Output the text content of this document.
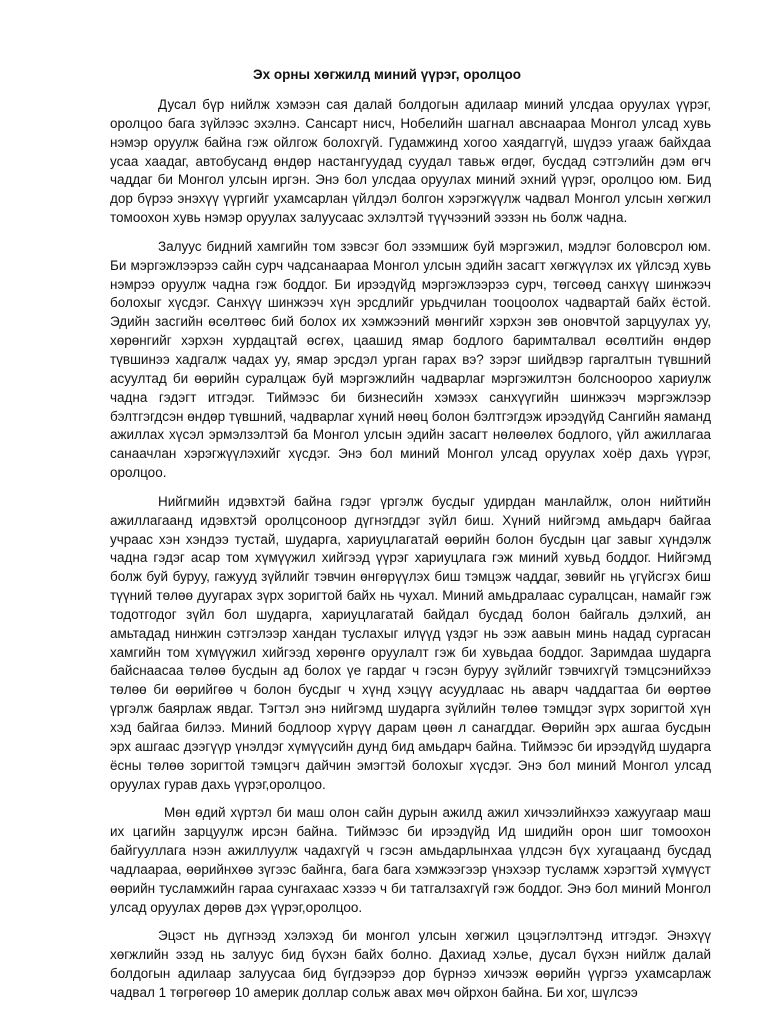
Эх орны хөгжилд миний үүрэг, оролцоо

Дусал бүр нийлж хэмээн сая далай болдогын адилаар миний улсдаа оруулах үүрэг, оролцоо бага зүйлээс эхэлнэ. Сансарт нисч, Нобелийн шагнал авснаараа Монгол улсад хувь нэмэр оруулж байна гэж ойлгож болохгүй. Гудамжинд хогоо хаядаггүй, шүдээ угааж байхдаа усаа хаадаг, автобусанд өндөр настангуудад суудал тавьж өгдөг, бусдад сэтгэлийн дэм өгч чаддаг би Монгол улсын иргэн. Энэ бол улсдаа оруулах миний эхний үүрэг, оролцоо юм. Бид дор бүрээ энэхүү үүргийг ухамсарлан үйлдэл болгон хэрэгжүүлж чадвал Монгол улсын хөгжил томоохон хувь нэмэр оруулах залуусаас эхлэлтэй түүчээний ээзэн нь болж чадна.

Залуус бидний хамгийн том зэвсэг бол эзэмшиж буй мэргэжил, мэдлэг боловсрол юм. Би мэргэжлээрээ сайн сурч чадсанаараа Монгол улсын эдийн засагт хөгжүүлэх их үйлсэд хувь нэмрээ оруулж чадна гэж боддог. Би ирээдүйд мэргэжлээрээ сурч, төгсөөд санхүү шинжээч болохыг хүсдэг. Санхүү шинжээч хүн эрсдлийг урьдчилан тооцоолох чадвартай байх ёстой. Эдийн засгийн өсөлтөөс бий болох их хэмжээний мөнгийг хэрхэн зөв оновчтой зарцуулах уу, хөрөнгийг хэрхэн хурдацтай өсгөх, цаашид ямар бодлого баримталвал өсөлтийн өндөр түвшинээ хадгалж чадах уу, ямар эрсдэл урган гарах вэ? зэрэг шийдвэр гаргалтын түвшний асуултад би өөрийн суралцаж буй мэргэжлийн чадварлаг мэргэжилтэн болсноороо хариулж чадна гэдэгт итгэдэг. Тиймээс би бизнесийн хэмээх санхүүгийн шинжээч мэргэжлээр бэлтгэгдсэн өндөр түвшний, чадварлаг хүний нөөц болон бэлтгэгдэж ирээдүйд Сангийн яаманд ажиллах хүсэл эрмэлзэлтэй ба Монгол улсын эдийн засагт нөлөөлөх бодлого, үйл ажиллагаа санаачлан хэрэгжүүлэхийг хүсдэг. Энэ бол миний Монгол улсад оруулах хоёр дахь үүрэг, оролцоо.

Нийгмийн идэвхтэй байна гэдэг үргэлж бусдыг удирдан манлайлж, олон нийтийн ажиллагаанд идэвхтэй оролцсоноор дүгнэгддэг зүйл биш. Хүний нийгэмд амьдарч байгаа учраас хэн хэндээ тустай, шударга, хариуцлагатай өөрийн болон бусдын цаг завыг хүндэлж чадна гэдэг асар том хүмүүжил хийгээд үүрэг хариуцлага гэж миний хувьд боддог. Нийгэмд болж буй буруу, гажууд зүйлийг тэвчин өнгөрүүлэх биш тэмцэж чаддаг, зөвийг нь үгүйсгэх биш түүний төлөө дуугарах зүрх зоригтой байх нь чухал. Миний амьдралаас суралцсан, намайг гэж тодотгодог зүйл бол шударга, хариуцлагатай байдал бусдад болон байгаль дэлхий, ан амьтадад нинжин сэтгэлээр хандан туслахыг илүүд үздэг нь ээж аавын минь надад сургасан хамгийн том хүмүүжил хийгээд хөрөнгө оруулалт гэж би хувьдаа боддог. Заримдаа шударга байснаасаа төлөө бусдын ад болох үе гардаг ч гэсэн буруу зүйлийг тэвчихгүй тэмцсэнийхээ төлөө би өөрийгөө ч болон бусдыг ч хүнд хэцүү асуудлаас нь аварч чаддагтаа би өөртөө үргэлж баярлаж явдаг. Тэгтэл энэ нийгэмд шударга зүйлийн төлөө тэмцдэг зүрх зоригтой хүн хэд байгаа билээ. Миний бодлоор хүрүү дарам цөөн л санагддаг. Өөрийн эрх ашгаа бусдын эрх ашгаас дээгүүр үнэлдэг хүмүүсийн дунд бид амьдарч байна. Тиймээс би ирээдүйд шударга ёсны төлөө зоригтой тэмцэгч дайчин эмэгтэй болохыг хүсдэг. Энэ бол миний Монгол улсад оруулах гурав дахь үүрэг,оролцоо.

Мөн өдий хүртэл би маш олон сайн дурын ажилд ажил хичээлийнхээ хажуугаар маш их цагийн зарцуулж ирсэн байна. Тиймээс би ирээдүйд Ид шидийн орон шиг томоохон байгууллага нээн ажиллуулж чадахгүй ч гэсэн амьдарлынхаа үлдсэн бүх хугацаанд бусдад чадлаараа, өөрийнхөө зүгээс байнга, бага бага хэмжээгээр үнэхээр тусламж хэрэгтэй хүмүүст өөрийн тусламжийн гараа сунгахаас хэзээ ч би татгалзахгүй гэж боддог. Энэ бол миний Монгол улсад оруулах дөрөв дэх үүрэг,оролцоо.

Эцэст нь дүгнээд хэлэхэд би монгол улсын хөгжил цэцэглэлтэнд итгэдэг. Энэхүү хөгжлийн эзэд нь залуус бид бүхэн байх болно. Дахиад хэлье, дусал бүхэн нийлж далай болдогын адилаар залуусаа бид бүгдээрээ дор бүрнээ хичээж өөрийн үүргээ ухамсарлаж чадвал 1 төгрөгөөр 10 америк доллар сольж авах мөч ойрхон байна. Би хог, шүлсээ
